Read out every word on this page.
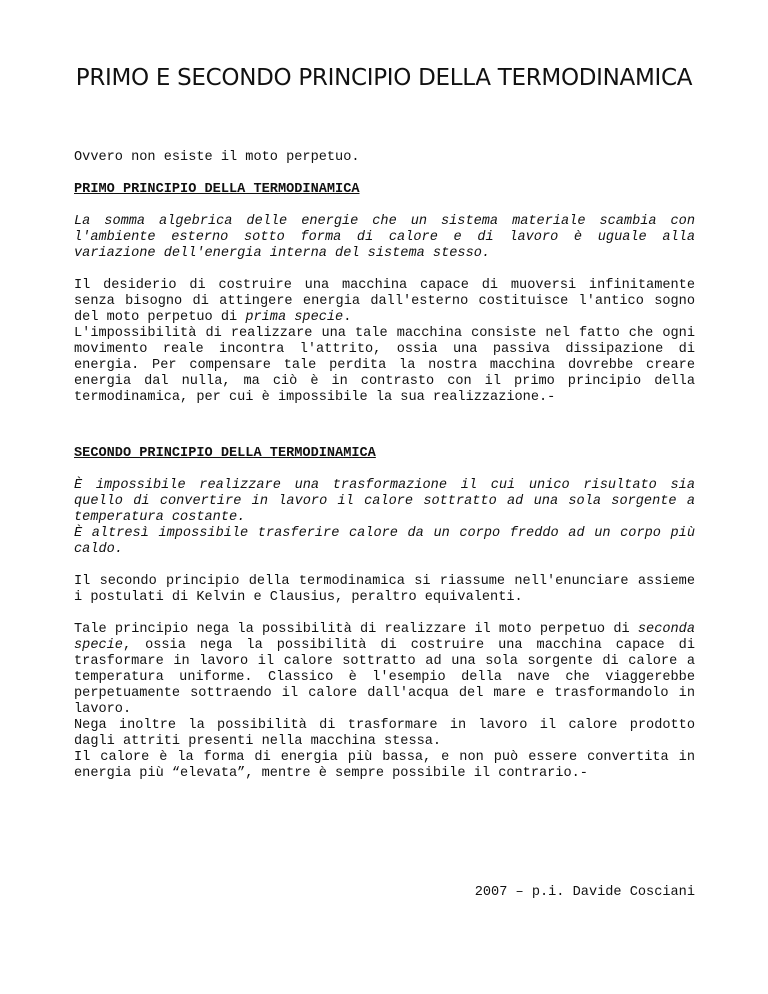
PRIMO E SECONDO PRINCIPIO DELLA TERMODINAMICA
Ovvero non esiste il moto perpetuo.
PRIMO PRINCIPIO DELLA TERMODINAMICA
La somma algebrica delle energie che un sistema materiale scambia con l'ambiente esterno sotto forma di calore e di lavoro è uguale alla variazione dell'energia interna del sistema stesso.
Il desiderio di costruire una macchina capace di muoversi infinitamente senza bisogno di attingere energia dall'esterno costituisce l'antico sogno del moto perpetuo di prima specie.
L'impossibilità di realizzare una tale macchina consiste nel fatto che ogni movimento reale incontra l'attrito, ossia una passiva dissipazione di energia. Per compensare tale perdita la nostra macchina dovrebbe creare energia dal nulla, ma ciò è in contrasto con il primo principio della termodinamica, per cui è impossibile la sua realizzazione.-
SECONDO PRINCIPIO DELLA TERMODINAMICA
È impossibile realizzare una trasformazione il cui unico risultato sia quello di convertire in lavoro il calore sottratto ad una sola sorgente a temperatura costante.
È altresì impossibile trasferire calore da un corpo freddo ad un corpo più caldo.
Il secondo principio della termodinamica si riassume nell'enunciare assieme i postulati di Kelvin e Clausius, peraltro equivalenti.
Tale principio nega la possibilità di realizzare il moto perpetuo di seconda specie, ossia nega la possibilità di costruire una macchina capace di trasformare in lavoro il calore sottratto ad una sola sorgente di calore a temperatura uniforme. Classico è l'esempio della nave che viaggerebbe perpetuamente sottraendo il calore dall'acqua del mare e trasformandolo in lavoro.
Nega inoltre la possibilità di trasformare in lavoro il calore prodotto dagli attriti presenti nella macchina stessa.
Il calore è la forma di energia più bassa, e non può essere convertita in energia più “elevata”, mentre è sempre possibile il contrario.-
2007 – p.i. Davide Cosciani
